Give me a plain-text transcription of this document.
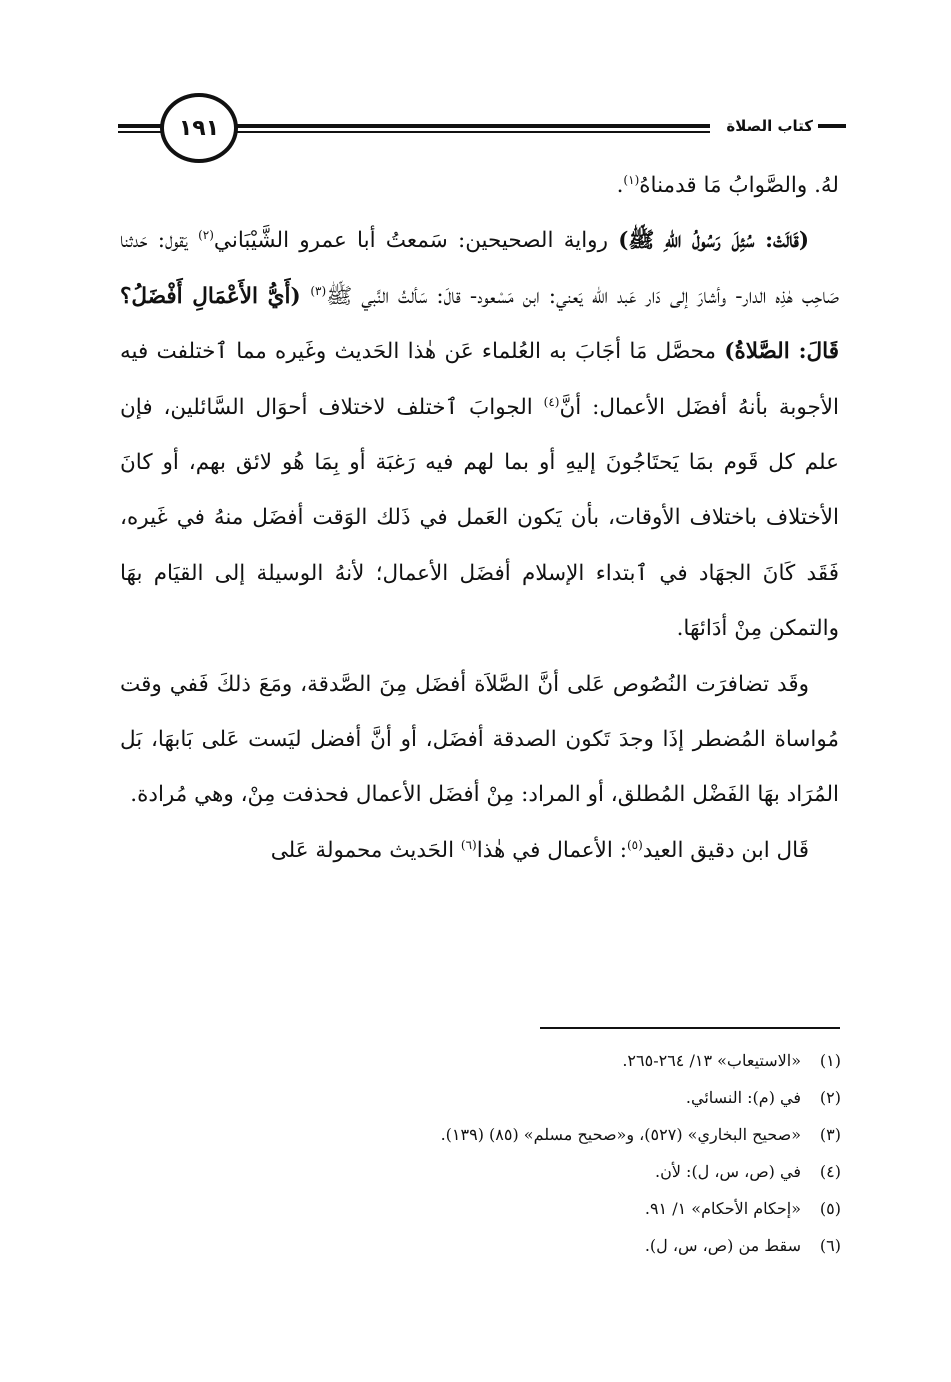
١٩١	كتاب الصلاة

لهُ. والصَّوابُ مَا قدمناهُ$^{(١)}$.

(قَالَتْ: سُئِلَ رَسُولُ اللهِ ﷺ) رواية الصحيحين: سَمعتُ أبا عمرو الشَّيْبَاني$^{(٢)}$ يَقول: حَدثنا صَاحِب هٰذِه الدار- وأشارَ إلى دَار عَبد الله يَعني: ابن مَسْعود- قالَ: سَألتُ النَّبي ﷺ$^{(٣)}$ (أَيُّ الأَعْمَالِ أَفْضَلُ؟ قَالَ: الصَّلاةُ) محصَّل مَا أجَابَ به العُلماء عَن هٰذا الحَديث وغَيره مما ٱختلفت فيه الأجوبة بأنهُ أفضَل الأعمال: أنَّ$^{(٤)}$ الجوابَ ٱختلف لاختلاف أحوَال السَّائلين، فإن علم كل قَوم بمَا يَحتَاجُونَ إليهِ أو بما لهم فيه رَغبَة أو بِمَا هُو لائق بهم، أو كانَ الأختلاف باختلاف الأوقات، بأن يَكون العَمل في ذَلك الوَقت أفضَل منهُ في غَيره، فَقَد كَانَ الجهَاد في ٱبتداء الإسلام أفضَل الأعمال؛ لأنهُ الوسيلة إلى القيَام بهَا والتمكن مِنْ أدَائهَا.

وقَد تضافرَت النُصُوص عَلى أنَّ الصَّلاَة أفضَل مِنَ الصَّدقة، ومَعَ ذلكَ فَفي وقت مُواساة المُضطر إذَا وجدَ تَكون الصدقة أفضَل، أو أنَّ أفضل ليَست عَلى بَابهَا، بَل المُرَاد بهَا الفَضْل المُطلق، أو المراد: مِنْ أفضَل الأعمال فحذفت مِنْ، وهي مُرادة.

قَال ابن دقيق العيد$^{(٥)}$: الأعمال في هٰذا$^{(٦)}$ الحَديث محمولة عَلى

(١)«الاستيعاب» ١٣/ ٢٦٤-٢٦٥.
(٢)في (م): النسائي.
(٣)«صحيح البخاري» (٥٢٧)، و«صحيح مسلم» (٨٥) (١٣٩).
(٤)في (ص، س، ل): لأن.
(٥)«إحكام الأحكام» ١/ ٩١.
(٦)سقط من (ص، س، ل).
